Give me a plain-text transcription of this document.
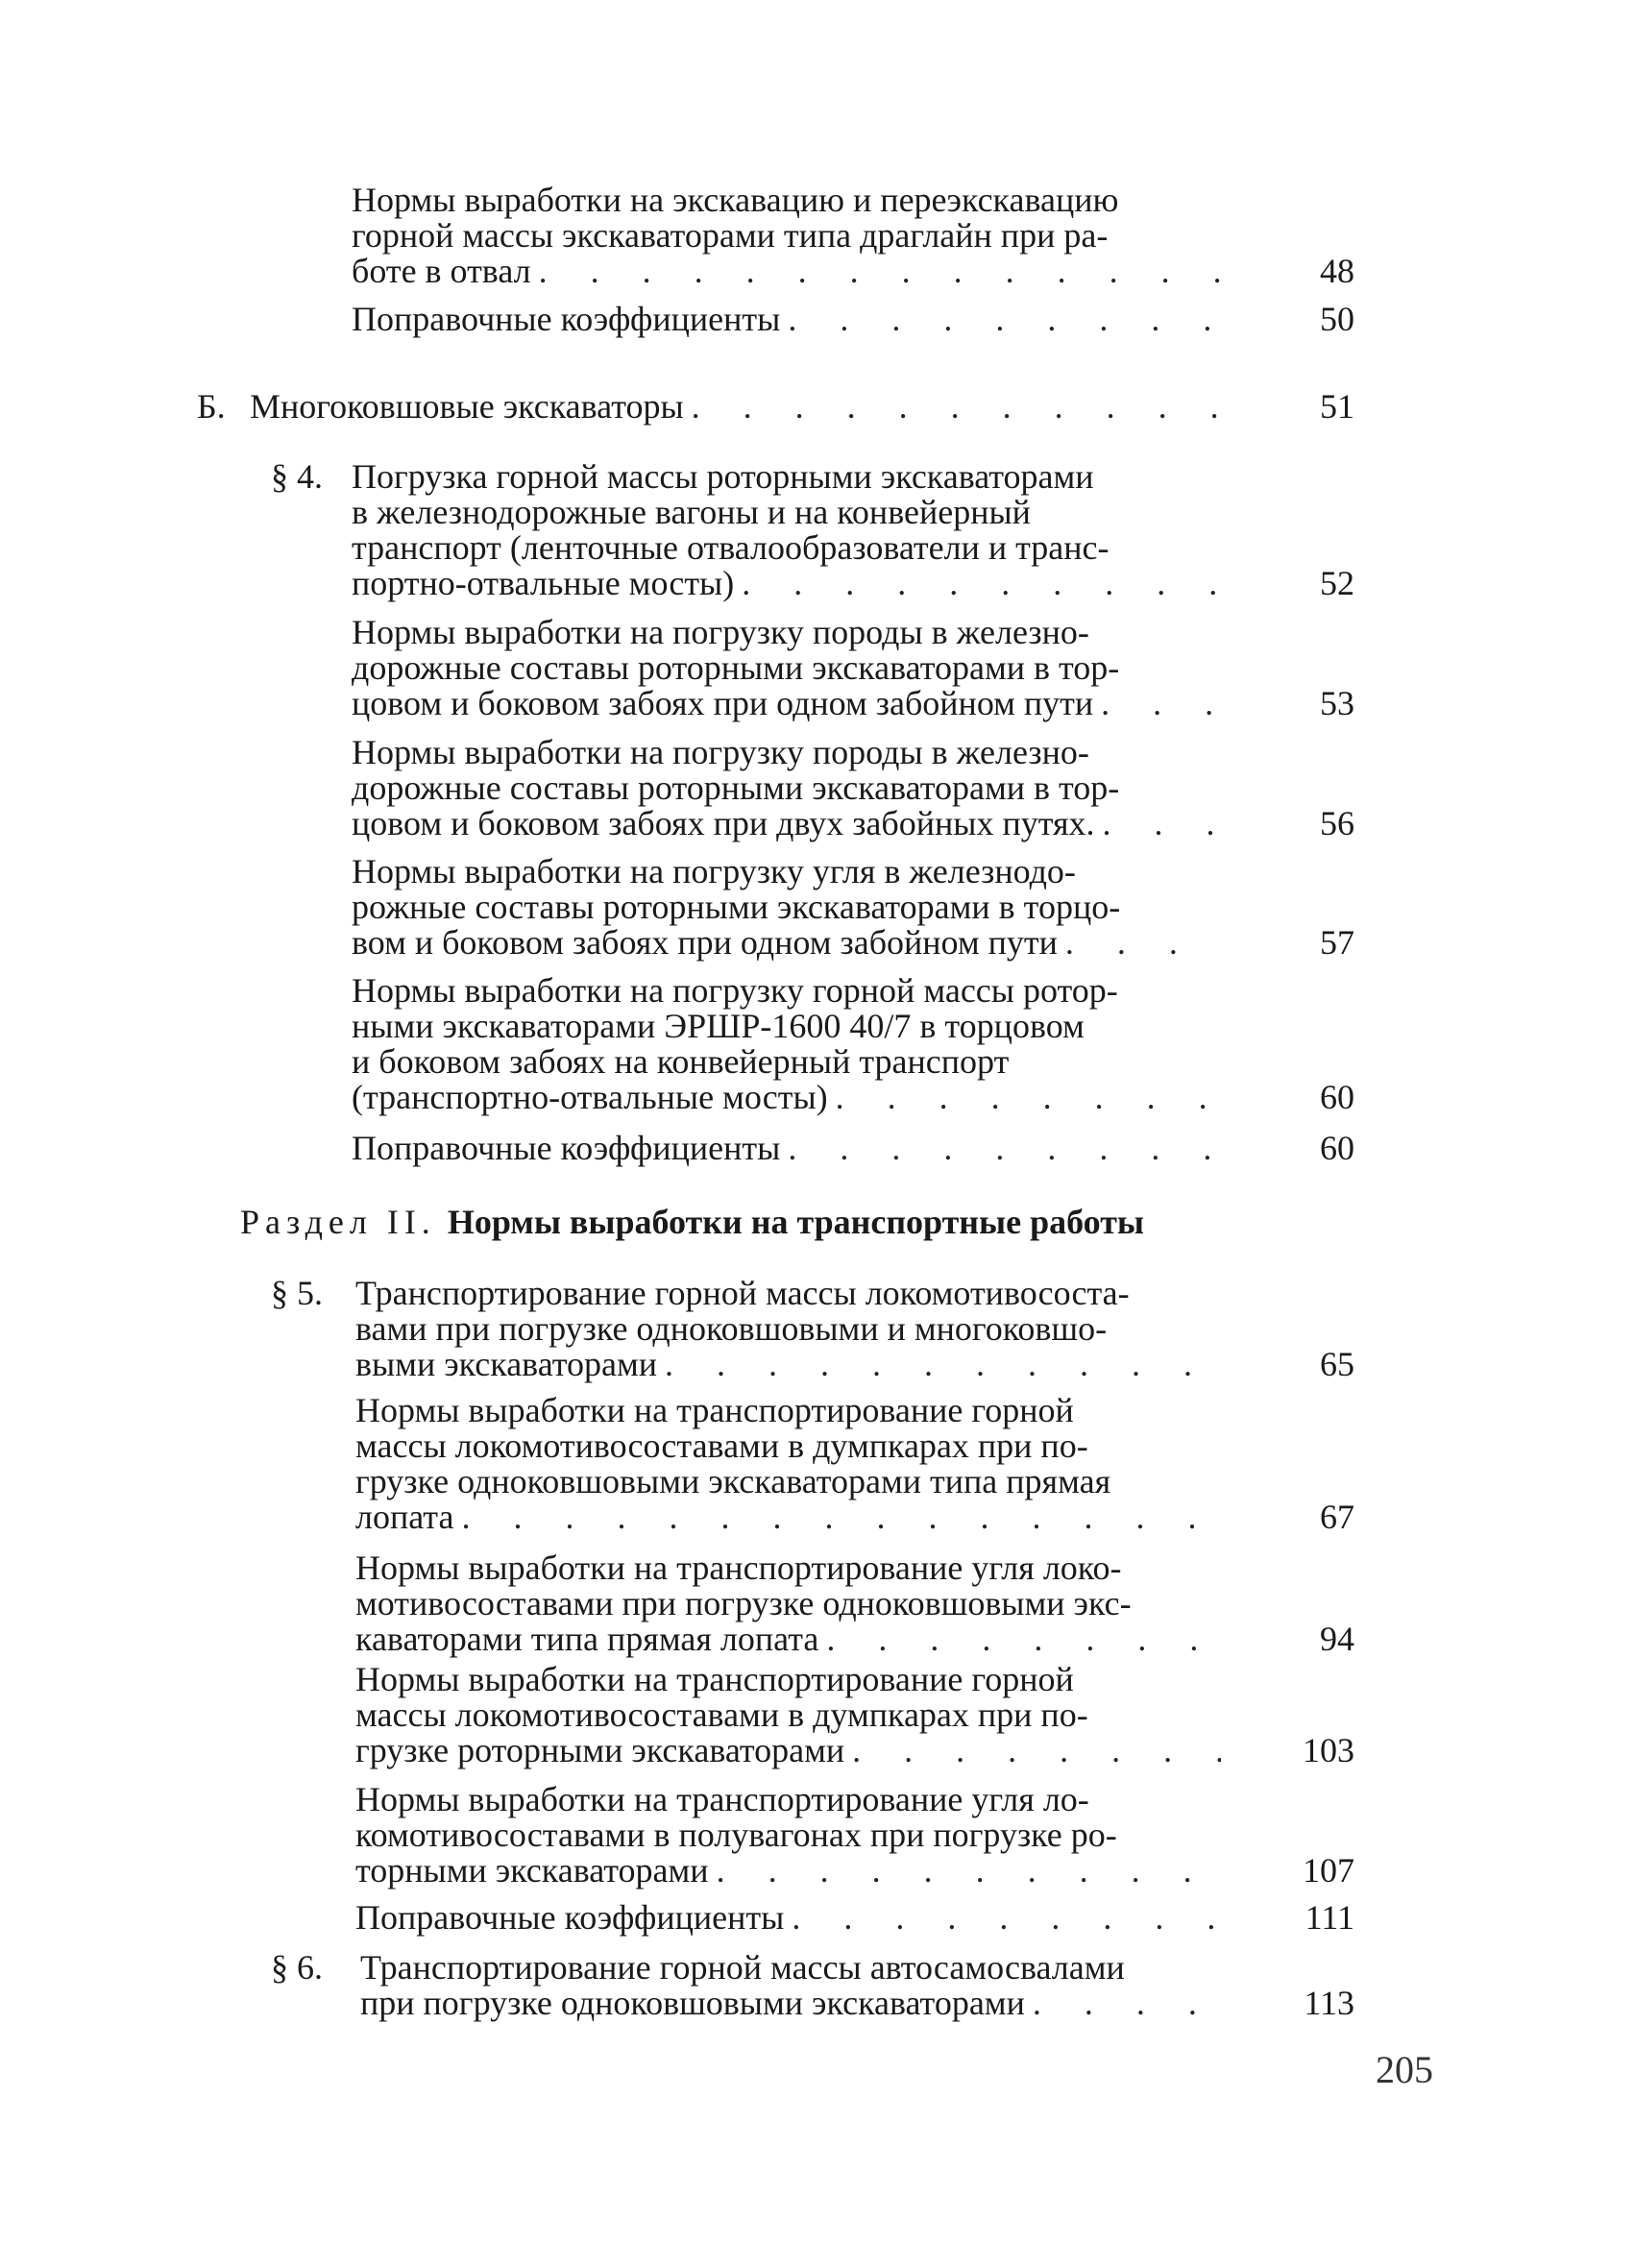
Нормы выработки на экскавацию и переэкскавацию
горной массы экскаваторами типа драглайн при ра-
боте в отвал . . .	48
Поправочные коэффициенты . . .	50
Б. Многоковшовые экскаваторы . . .	51
§ 4. Погрузка горной массы роторными экскаваторами
в железнодорожные вагоны и на конвейерный
транспорт (ленточные отвалообразователи и транс-
портно-отвальные мосты) . . .	52
Нормы выработки на погрузку породы в железно-
дорожные составы роторными экскаваторами в тор-
цовом и боковом забоях при одном забойном пути . . .	53
Нормы выработки на погрузку породы в железно-
дорожные составы роторными экскаваторами в тор-
цовом и боковом забоях при двух забойных путях. . . .	56
Нормы выработки на погрузку угля в железнодо-
рожные составы роторными экскаваторами в торцо-
вом и боковом забоях при одном забойном пути . . .	57
Нормы выработки на погрузку горной массы ротор-
ными экскаваторами ЭРШР-1600 40/7 в торцовом
и боковом забоях на конвейерный транспорт
(транспортно-отвальные мосты) . . .	60
Поправочные коэффициенты . . .	60
Раздел II. Нормы выработки на транспортные работы
§ 5. Транспортирование горной массы локомотивососта-
вами при погрузке одноковшовыми и многоковшо-
выми экскаваторами . . .	65
Нормы выработки на транспортирование горной
массы локомотивосоставами в думпкарах при по-
грузке одноковшовыми экскаваторами типа прямая
лопата . . .	67
Нормы выработки на транспортирование угля локо-
мотивосоставами при погрузке одноковшовыми экс-
каваторами типа прямая лопата . . .	94
Нормы выработки на транспортирование горной
массы локомотивосоставами в думпкарах при по-
грузке роторными экскаваторами . . .	103
Нормы выработки на транспортирование угля ло-
комотивосоставами в полувагонах при погрузке ро-
торными экскаваторами . . .	107
Поправочные коэффициенты . . .	111
§ 6. Транспортирование горной массы автосамосвалами
при погрузке одноковшовыми экскаваторами . . .	113
205
